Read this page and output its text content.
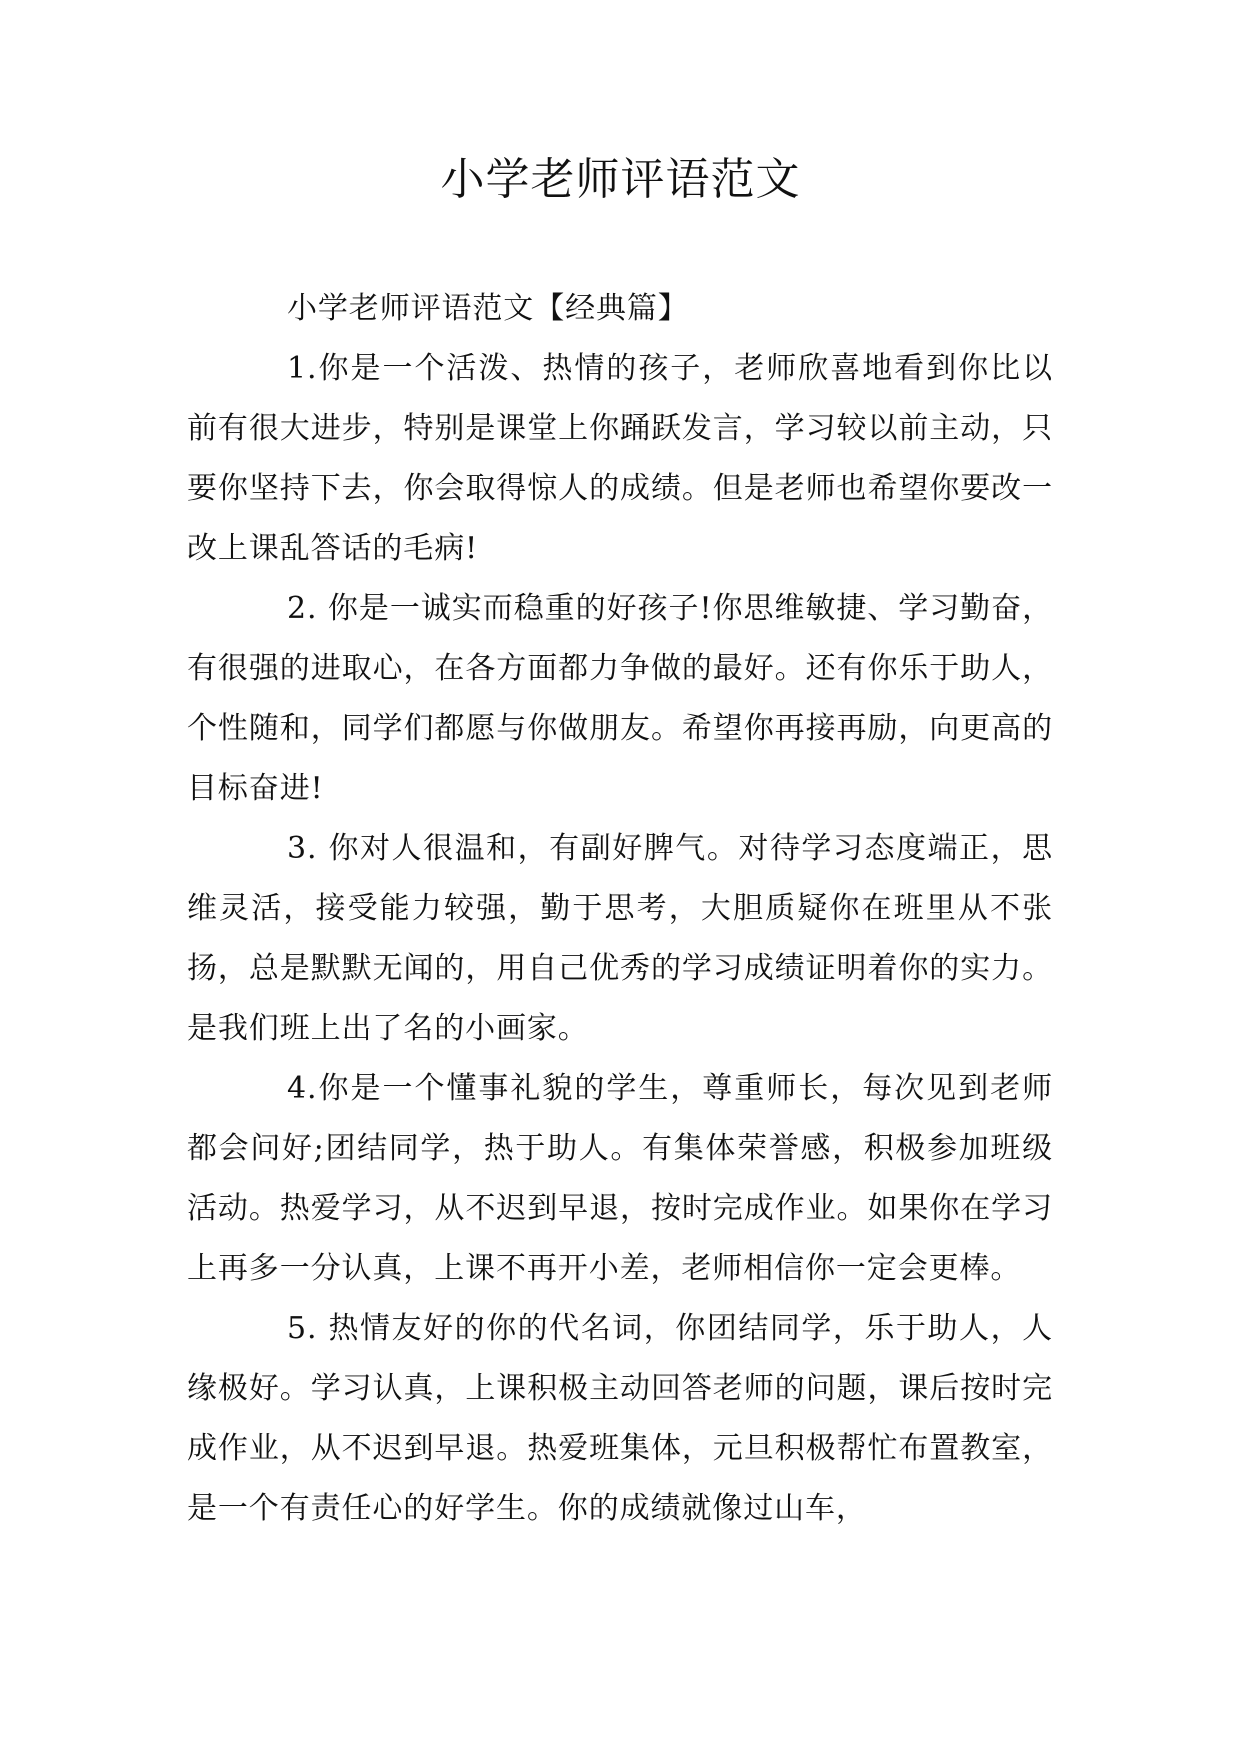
小学老师评语范文

小学老师评语范文【经典篇】

1.你是一个活泼、热情的孩子，老师欣喜地看到你比以前有很大进步，特别是课堂上你踊跃发言，学习较以前主动，只要你坚持下去，你会取得惊人的成绩。但是老师也希望你要改一改上课乱答话的毛病!

2. 你是一诚实而稳重的好孩子!你思维敏捷、学习勤奋，有很强的进取心，在各方面都力争做的最好。还有你乐于助人，个性随和，同学们都愿与你做朋友。希望你再接再励，向更高的目标奋进!

3. 你对人很温和，有副好脾气。对待学习态度端正，思维灵活，接受能力较强，勤于思考，大胆质疑你在班里从不张扬，总是默默无闻的，用自己优秀的学习成绩证明着你的实力。是我们班上出了名的小画家。

4.你是一个懂事礼貌的学生，尊重师长，每次见到老师都会问好;团结同学，热于助人。有集体荣誉感，积极参加班级活动。热爱学习，从不迟到早退，按时完成作业。如果你在学习上再多一分认真，上课不再开小差，老师相信你一定会更棒。

5. 热情友好的你的代名词，你团结同学，乐于助人，人缘极好。学习认真，上课积极主动回答老师的问题，课后按时完成作业，从不迟到早退。热爱班集体，元旦积极帮忙布置教室，是一个有责任心的好学生。你的成绩就像过山车，
